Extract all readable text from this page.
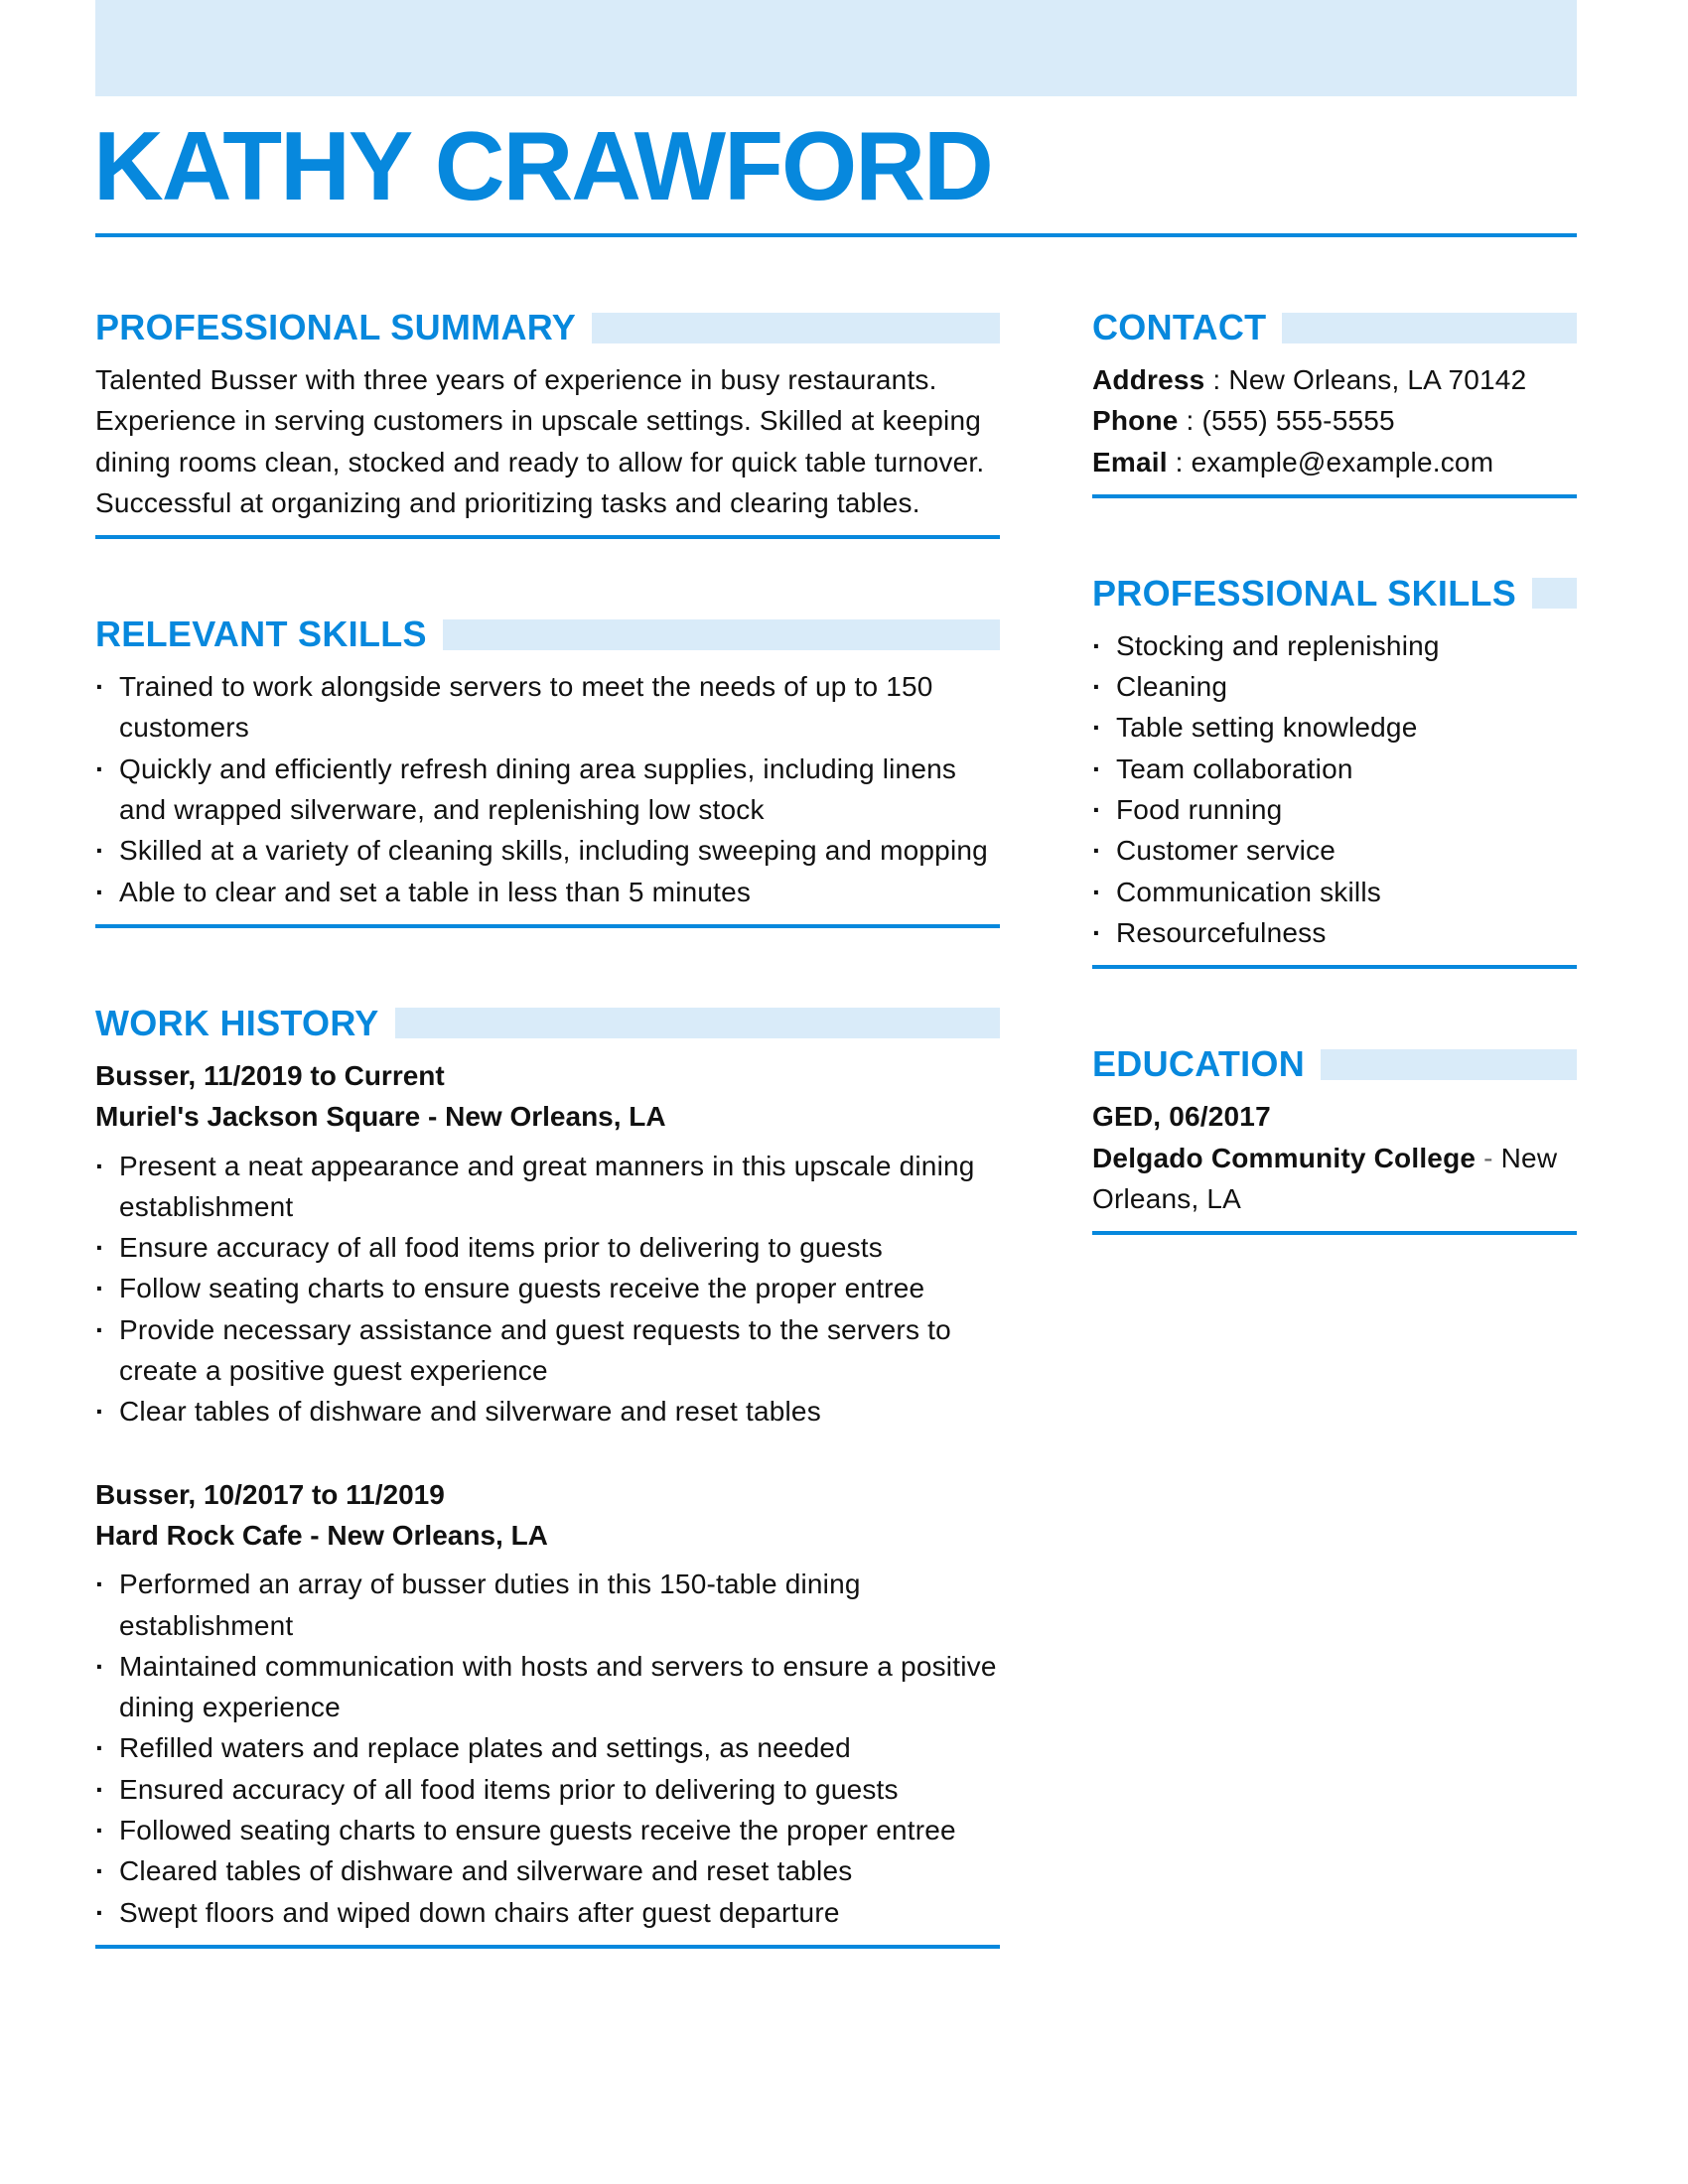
KATHY CRAWFORD
PROFESSIONAL SUMMARY

Talented Busser with three years of experience in busy restaurants. Experience in serving customers in upscale settings. Skilled at keeping dining rooms clean, stocked and ready to allow for quick table turnover. Successful at organizing and prioritizing tasks and clearing tables.

RELEVANT SKILLS
· Trained to work alongside servers to meet the needs of up to 150 customers
· Quickly and efficiently refresh dining area supplies, including linens and wrapped silverware, and replenishing low stock
· Skilled at a variety of cleaning skills, including sweeping and mopping
· Able to clear and set a table in less than 5 minutes
WORK HISTORY
Busser, 11/2019 to Current
Muriel's Jackson Square - New Orleans, LA
· Present a neat appearance and great manners in this upscale dining establishment
· Ensure accuracy of all food items prior to delivering to guests
· Follow seating charts to ensure guests receive the proper entree
· Provide necessary assistance and guest requests to the servers to create a positive guest experience
· Clear tables of dishware and silverware and reset tables
Busser, 10/2017 to 11/2019
Hard Rock Cafe - New Orleans, LA
· Performed an array of busser duties in this 150-table dining establishment
· Maintained communication with hosts and servers to ensure a positive dining experience
· Refilled waters and replace plates and settings, as needed
· Ensured accuracy of all food items prior to delivering to guests
· Followed seating charts to ensure guests receive the proper entree
· Cleared tables of dishware and silverware and reset tables
· Swept floors and wiped down chairs after guest departure
CONTACT
Address : New Orleans, LA 70142
Phone : (555) 555-5555
Email : example@example.com
PROFESSIONAL SKILLS
· Stocking and replenishing
· Cleaning
· Table setting knowledge
· Team collaboration
· Food running
· Customer service
· Communication skills
· Resourcefulness
EDUCATION
GED, 06/2017
Delgado Community College - New Orleans, LA
